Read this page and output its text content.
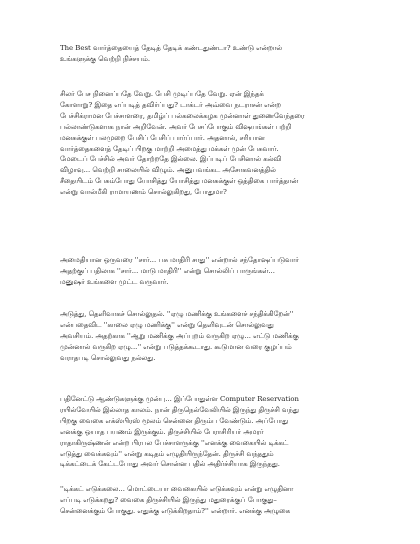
The Best வார்த்தையைத் தேடித் தேடிக் கண்டதுண்டா? உண்டு என்றால்
உங்களுக்கு வெற்றி நிச்சயம்.
சிலர் பேச நினைப்பதே வேறு. பேசி முடிப்பதே வேறு. ஏன் இந்தக்
கோளாறு? இதை எப்படித் தவிர்ப்பது? டாக்டர் அவ்வை நடராசன் என்ற
பேச்சிக்ராமன பேச்சாளரை, தமிழ்ப் பல்கலைக்கழக முன்னாள் துணைவேந்தரை
பல்லாண்டுகளாக நான் அறிவேன். அவர் பேசப்போகும் விஷயங்கள் பற்றி
மனசுக்குள் பலமுறை பேசிப் பேசிப் பார்ப்பார். அதனால், சரியான
வார்த்தைகளைத் தேடிப் பிறகு மாற்றி அமைத்து மக்கள் முன் பேசுவார்.
மேடைப் பேச்சில் அவர் தோற்றதே இல்லை. இப்படிப் பேசினால் கல்வி
விழாவு... வெற்றி சாலையில் விழும். அனுபவங்கட அசோகவனத்தில்
சீதையிடம் பேசும்போது யோசித்து யோசித்து மனசுக்குள் ஒத்திகை பார்த்தான்
என்று வால்மீகி ராமாயணம் சொல்லுகிறது, போதுமா?
அமைதியான ஒருவரை ''சார்... பசு மாதிரி சாது'' என்றால் சந்தோஷப்படுவார்
அதற்குப் பதிலாக ''சார்... மாடு மாதிரி'' என்று சொல்லிப் பாருங்கள்...
மனுஷர் உங்களை முட்ட வருவார்.
அடுத்து, தெளிவாகச் சொல்லுதல். ''ஏழு மணிக்கு உங்களைச் சந்திக்கிறேன்''
என்பதைவிட ''காலை ஏழு மணிக்கு'' என்று தெளிவுடன் சொல்லுவது
அவசியம். அதற்காக ''ஆறு மணிக்கு அப்புறம் வருகிற ஏழு... எட்டு மணிக்கு
முன்னால் வருகிற ஏழு...'' என்று படுத்தக்கூடாது. கூடுமான வரை குழப்பம்
வராதபடி சொல்லுவது நல்லது.
பதினேட்டு ஆண்டுகளுக்கு முன்பு... இப்போதுள்ள Computer Reservation
ரயில்வேயில் இல்லாத காலம். நான் திருநெல்வேலியில் இருந்து திருச்சி வந்து
பிறகு வைகை எக்ஸ்பிரஸ் மூலம் சென்னை திரும்ப வேண்டும். அப்போது
எனக்கு ஒயாத பயணம் இருக்கும். திருச்சியில் பேராசிரியர் அமரர்
ராதாகிருஷ்ணன் என்ற பிரபல பேச்சாளருக்கு ''எனக்கு வைகையில் டிக்கட்
எடுத்து வைக்கவும்'' என்று கடிதம் எழுதியிருந்தேன். திருச்சி வந்ததும்
டிக்கட்டைக் கேட்டபோது அவர் சொன்ன பதில் அதிர்ச்சியாக இருந்தது.
''டிக்கட் எடுக்கலை... மொட்டையா வைகையில் எடுக்கவும் என்று எழுதினா
எப்படி எடுக்கறது? வைகை திருச்சியில் இருந்து மதுரைக்குப் போகுது–
சென்னைக்கும் போகுது. எதுக்கு எடுக்கிறதாம்?'' என்றார். எனக்கு அழுகை
